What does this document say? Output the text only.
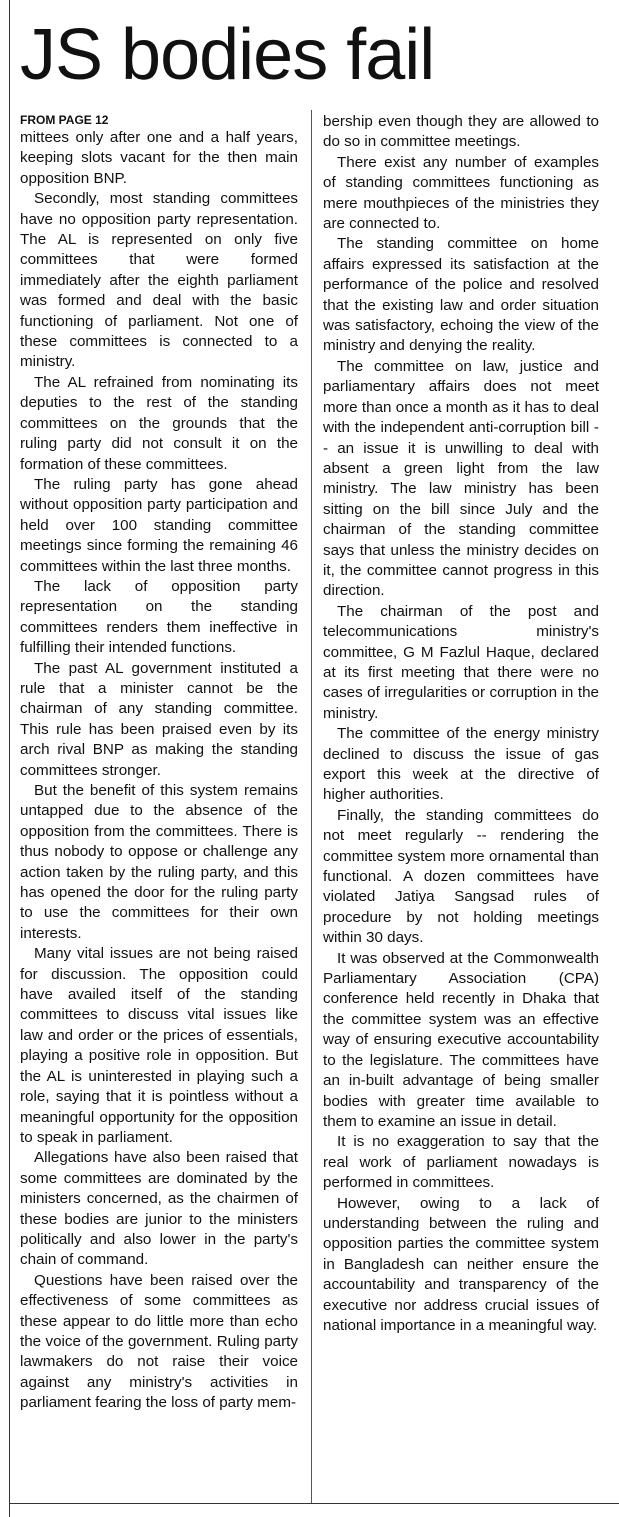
JS bodies fail
FROM PAGE 12

mittees only after one and a half years, keeping slots vacant for the then main opposition BNP.

Secondly, most standing committees have no opposition party representation. The AL is represented on only five committees that were formed immediately after the eighth parliament was formed and deal with the basic functioning of parliament. Not one of these committees is connected to a ministry.

The AL refrained from nominating its deputies to the rest of the standing committees on the grounds that the ruling party did not consult it on the formation of these committees.

The ruling party has gone ahead without opposition party participation and held over 100 standing committee meetings since forming the remaining 46 committees within the last three months.

The lack of opposition party representation on the standing committees renders them ineffective in fulfilling their intended functions.

The past AL government instituted a rule that a minister cannot be the chairman of any standing committee. This rule has been praised even by its arch rival BNP as making the standing committees stronger.

But the benefit of this system remains untapped due to the absence of the opposition from the committees. There is thus nobody to oppose or challenge any action taken by the ruling party, and this has opened the door for the ruling party to use the committees for their own interests.

Many vital issues are not being raised for discussion. The opposition could have availed itself of the standing committees to discuss vital issues like law and order or the prices of essentials, playing a positive role in opposition. But the AL is uninterested in playing such a role, saying that it is pointless without a meaningful opportunity for the opposition to speak in parliament.

Allegations have also been raised that some committees are dominated by the ministers concerned, as the chairmen of these bodies are junior to the ministers politically and also lower in the party's chain of command.

Questions have been raised over the effectiveness of some committees as these appear to do little more than echo the voice of the government. Ruling party lawmakers do not raise their voice against any ministry's activities in parliament fearing the loss of party mem-

bership even though they are allowed to do so in committee meetings.

There exist any number of examples of standing committees functioning as mere mouthpieces of the ministries they are connected to.

The standing committee on home affairs expressed its satisfaction at the performance of the police and resolved that the existing law and order situation was satisfactory, echoing the view of the ministry and denying the reality.

The committee on law, justice and parliamentary affairs does not meet more than once a month as it has to deal with the independent anti-corruption bill -- an issue it is unwilling to deal with absent a green light from the law ministry. The law ministry has been sitting on the bill since July and the chairman of the standing committee says that unless the ministry decides on it, the committee cannot progress in this direction.

The chairman of the post and telecommunications ministry's committee, G M Fazlul Haque, declared at its first meeting that there were no cases of irregularities or corruption in the ministry.

The committee of the energy ministry declined to discuss the issue of gas export this week at the directive of higher authorities.

Finally, the standing committees do not meet regularly -- rendering the committee system more ornamental than functional. A dozen committees have violated Jatiya Sangsad rules of procedure by not holding meetings within 30 days.

It was observed at the Commonwealth Parliamentary Association (CPA) conference held recently in Dhaka that the committee system was an effective way of ensuring executive accountability to the legislature. The committees have an in-built advantage of being smaller bodies with greater time available to them to examine an issue in detail.

It is no exaggeration to say that the real work of parliament nowadays is performed in committees.

However, owing to a lack of understanding between the ruling and opposition parties the committee system in Bangladesh can neither ensure the accountability and transparency of the executive nor address crucial issues of national importance in a meaningful way.
